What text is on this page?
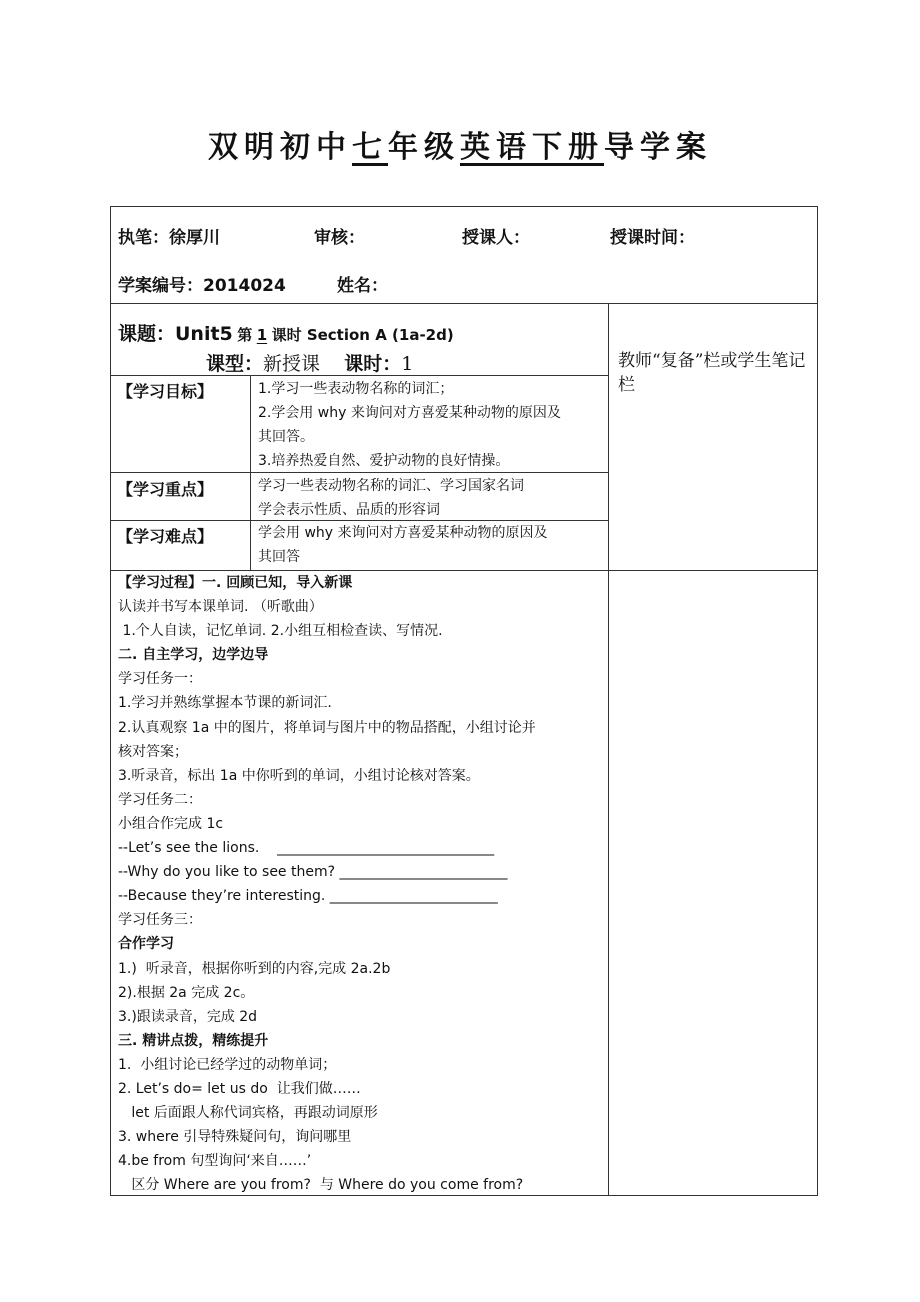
双明初中七年级英语下册导学案
执笔：徐厚川	审核：	授课人：	授课时间：
学案编号：2014024	姓名：
课题：Unit5 第 1 课时 Section A (1a-2d)
课型：新授课 课时：1	教师“复备”栏或学生笔记栏
【学习目标】	1.学习一些表动物名称的词汇；
2.学会用 why 来询问对方喜爱某种动物的原因及
其回答。
3.培养热爱自然、爱护动物的良好情操。
【学习重点】	学习一些表动物名称的词汇、学习国家名词
学会表示性质、品质的形容词
【学习难点】	学会用 why 来询问对方喜爱某种动物的原因及
其回答
【学习过程】一. 回顾已知，导入新课
认读并书写本课单词. （听歌曲）
1.个人自读，记忆单词. 2.小组互相检查读、写情况.
二. 自主学习，边学边导
学习任务一：
1.学习并熟练掌握本节课的新词汇.
2.认真观察 1a 中的图片，将单词与图片中的物品搭配，小组讨论并
核对答案；
3.听录音，标出 1a 中你听到的单词，小组讨论核对答案。
学习任务二：
小组合作完成 1c
--Let’s see the lions.    _______________________________
--Why do you like to see them? ________________________
--Because they’re interesting. ________________________
学习任务三：
合作学习
1.)  听录音，根据你听到的内容,完成 2a.2b
2).根据 2a 完成 2c。
3.)跟读录音，完成 2d
三. 精讲点拨，精练提升
1.  小组讨论已经学过的动物单词；
2. Let’s do= let us do  让我们做……
let 后面跟人称代词宾格，再跟动词原形
3. where 引导特殊疑问句，询问哪里
4.be from 句型询问‘来自……’
区分 Where are you from?  与 Where do you come from?
